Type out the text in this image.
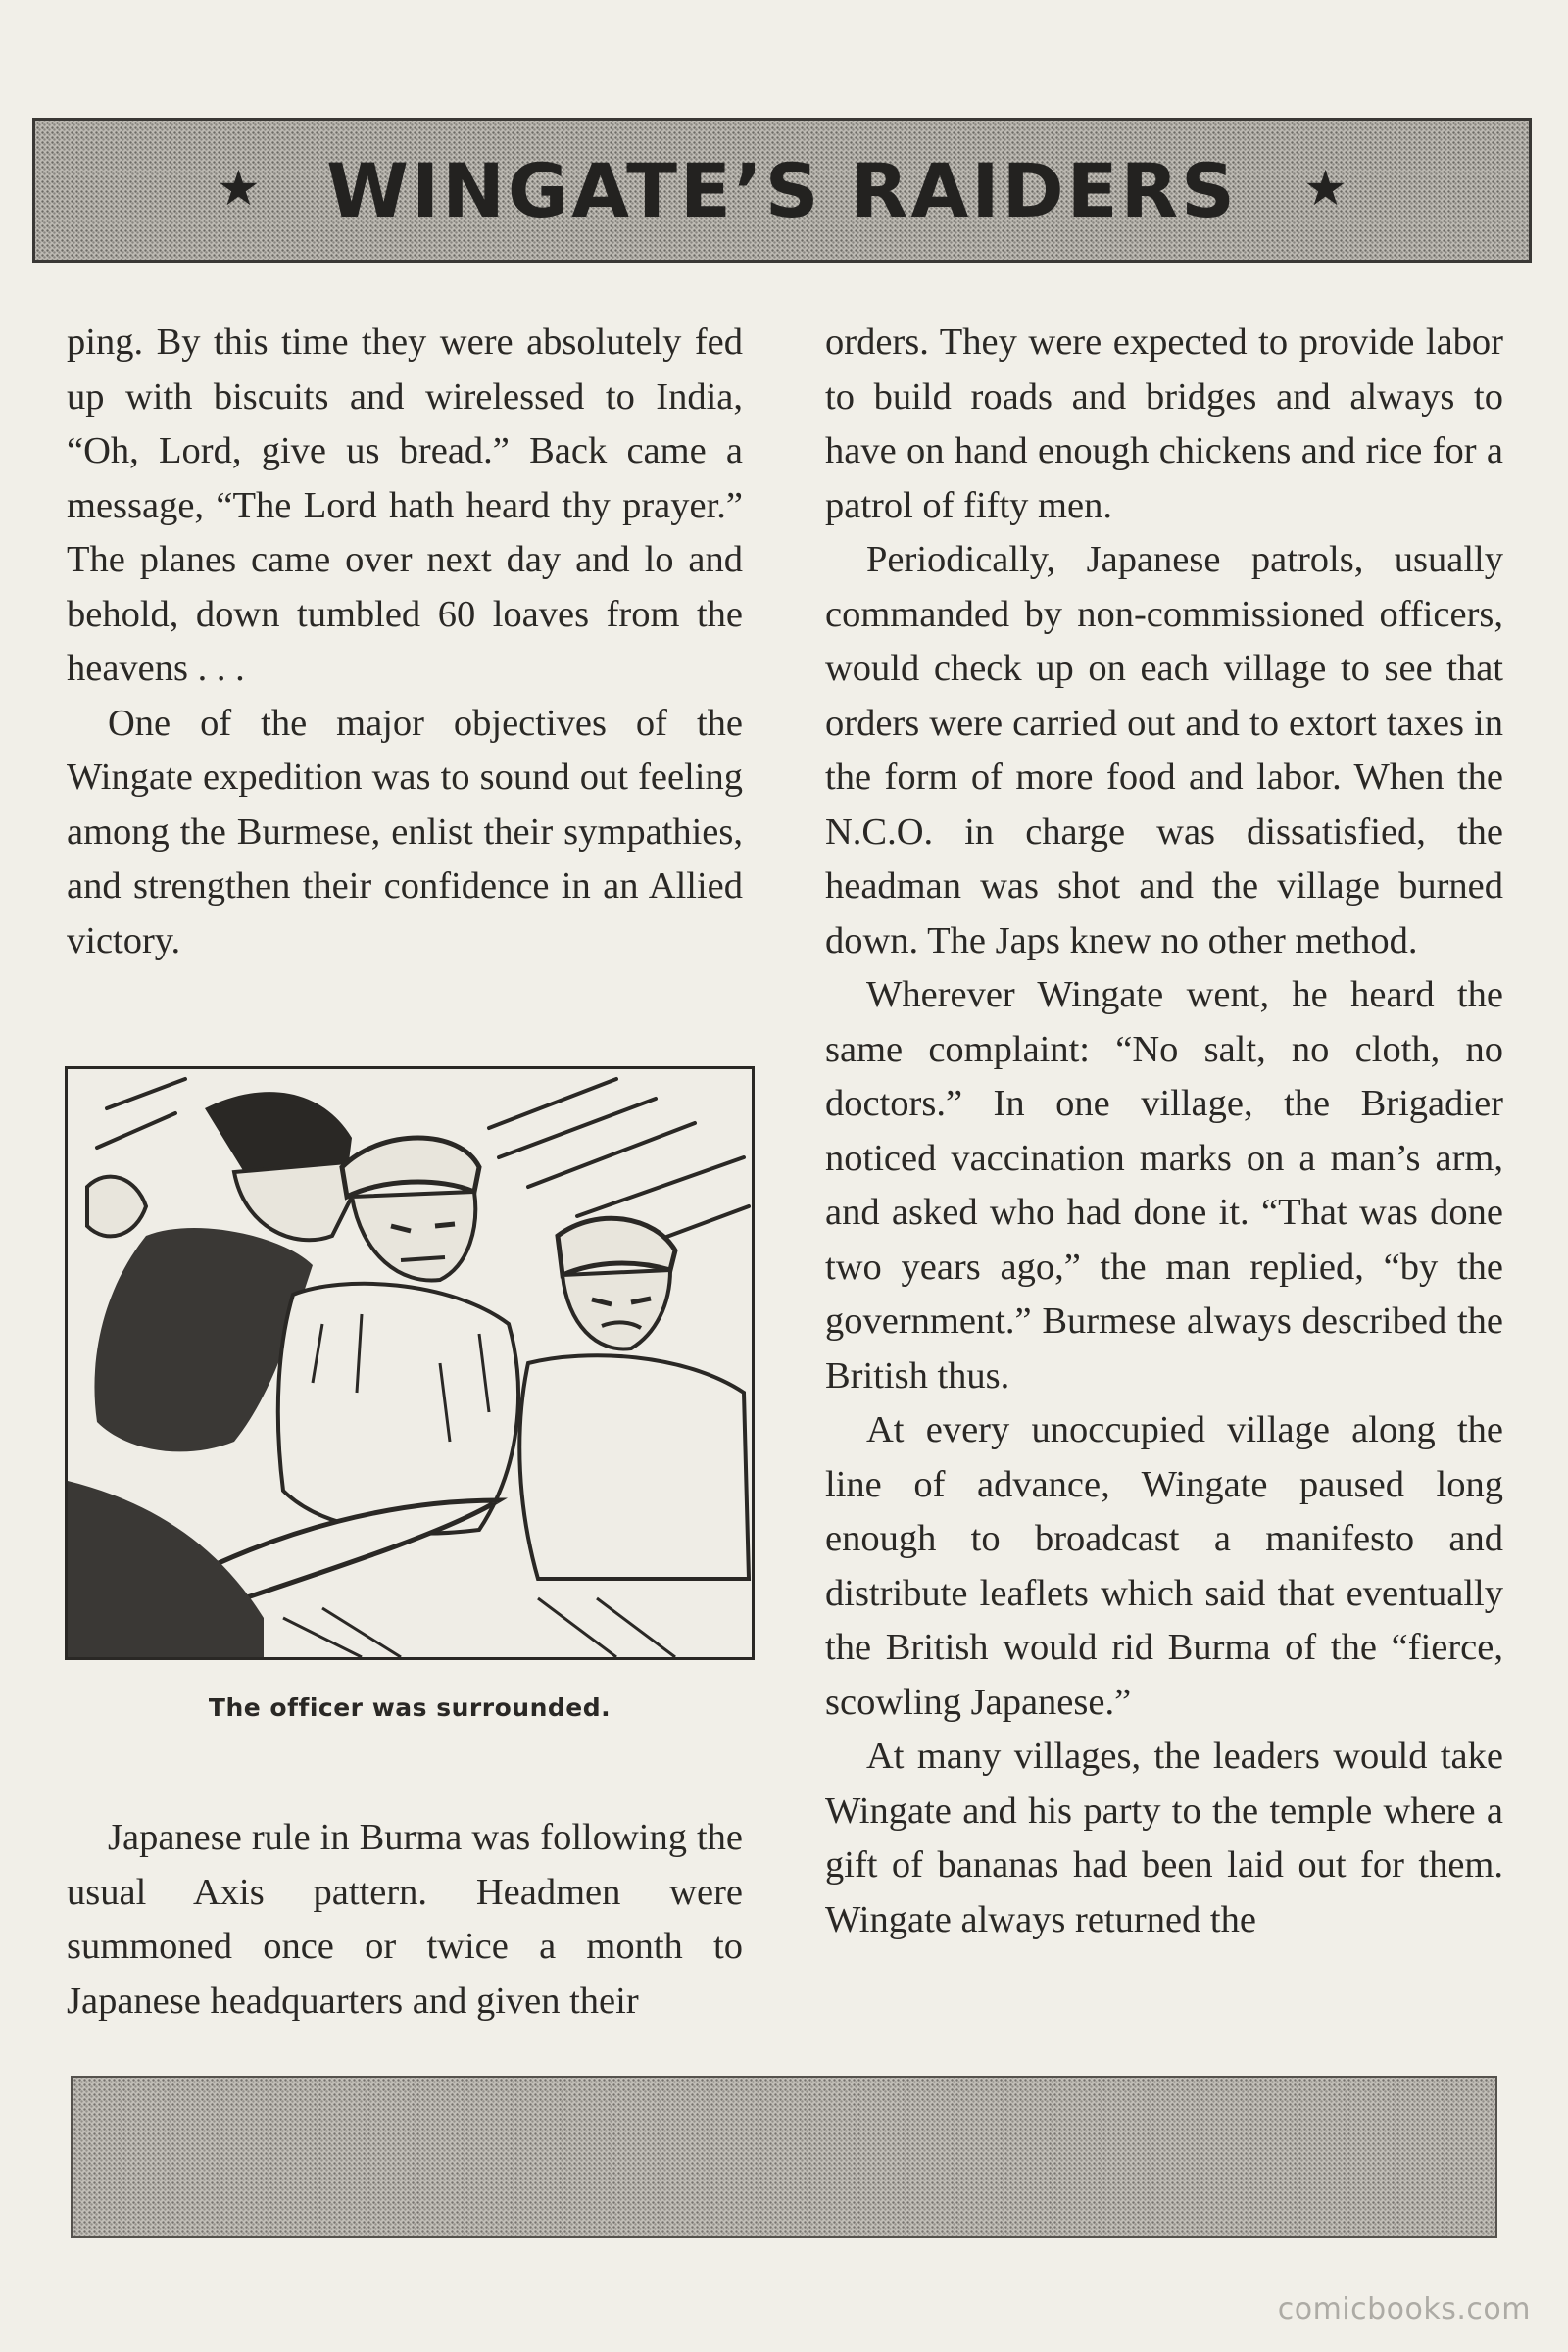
★ WINGATE’S RAIDERS ★

ping. By this time they were absolutely fed up with biscuits and wirelessed to India, “Oh, Lord, give us bread.” Back came a message, “The Lord hath heard thy prayer.” The planes came over next day and lo and behold, down tumbled 60 loaves from the heavens . . .

One of the major objectives of the Wingate expedition was to sound out feeling among the Burmese, enlist their sympathies, and strengthen their confidence in an Allied victory.

The officer was surrounded.

Japanese rule in Burma was following the usual Axis pattern. Headmen were summoned once or twice a month to Japanese headquarters and given their

orders. They were expected to provide labor to build roads and bridges and always to have on hand enough chickens and rice for a patrol of fifty men.

Periodically, Japanese patrols, usually commanded by non-commissioned officers, would check up on each village to see that orders were carried out and to extort taxes in the form of more food and labor. When the N.C.O. in charge was dissatisfied, the headman was shot and the village burned down. The Japs knew no other method.

Wherever Wingate went, he heard the same complaint: “No salt, no cloth, no doctors.” In one village, the Brigadier noticed vaccination marks on a man’s arm, and asked who had done it. “That was done two years ago,” the man replied, “by the government.” Burmese always described the British thus.

At every unoccupied village along the line of advance, Wingate paused long enough to broadcast a manifesto and distribute leaflets which said that eventually the British would rid Burma of the “fierce, scowling Japanese.”

At many villages, the leaders would take Wingate and his party to the temple where a gift of bananas had been laid out for them. Wingate always returned the

comicbooks.com
